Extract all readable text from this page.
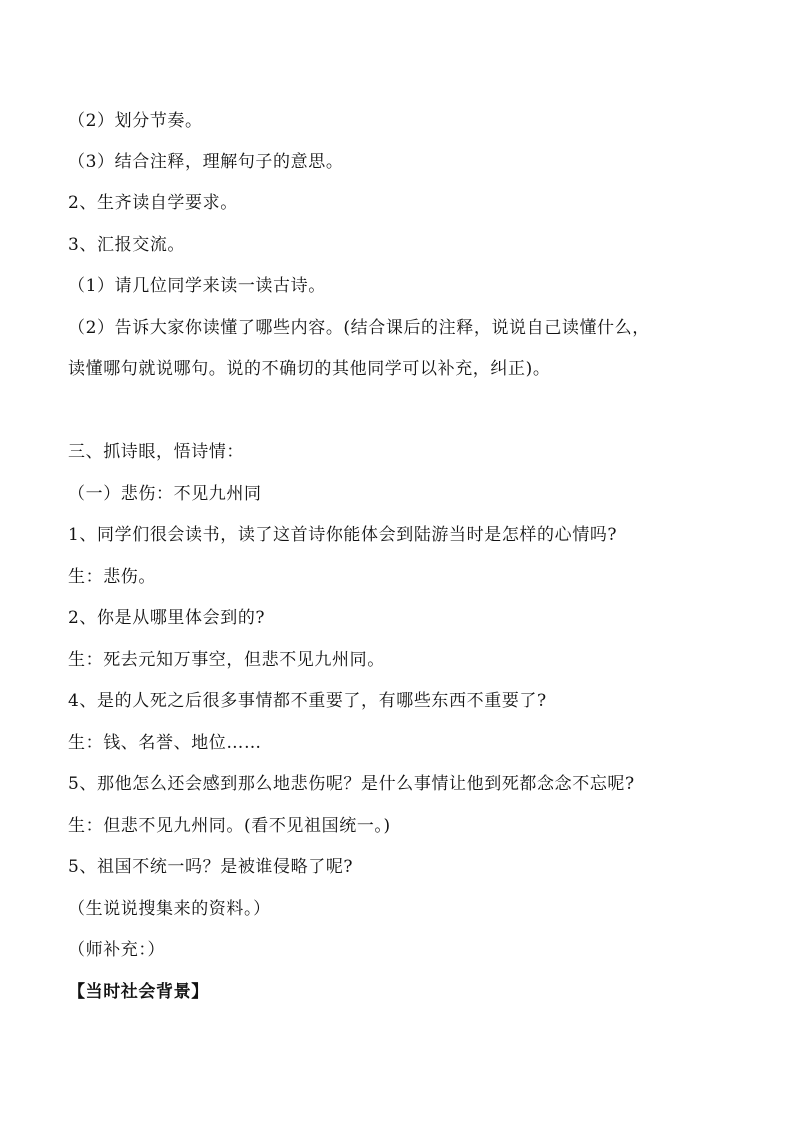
（2）划分节奏。
（3）结合注释，理解句子的意思。
2、生齐读自学要求。
3、汇报交流。
（1）请几位同学来读一读古诗。
（2）告诉大家你读懂了哪些内容。(结合课后的注释，说说自己读懂什么，
读懂哪句就说哪句。说的不确切的其他同学可以补充，纠正)。
三、抓诗眼，悟诗情：
（一）悲伤：不见九州同
1、同学们很会读书，读了这首诗你能体会到陆游当时是怎样的心情吗?
生：悲伤。
2、你是从哪里体会到的?
生：死去元知万事空，但悲不见九州同。
4、是的人死之后很多事情都不重要了，有哪些东西不重要了?
生：钱、名誉、地位……
5、那他怎么还会感到那么地悲伤呢？是什么事情让他到死都念念不忘呢?
生：但悲不见九州同。(看不见祖国统一。)
5、祖国不统一吗？是被谁侵略了呢?
（生说说搜集来的资料。）
（师补充：）
【当时社会背景】
